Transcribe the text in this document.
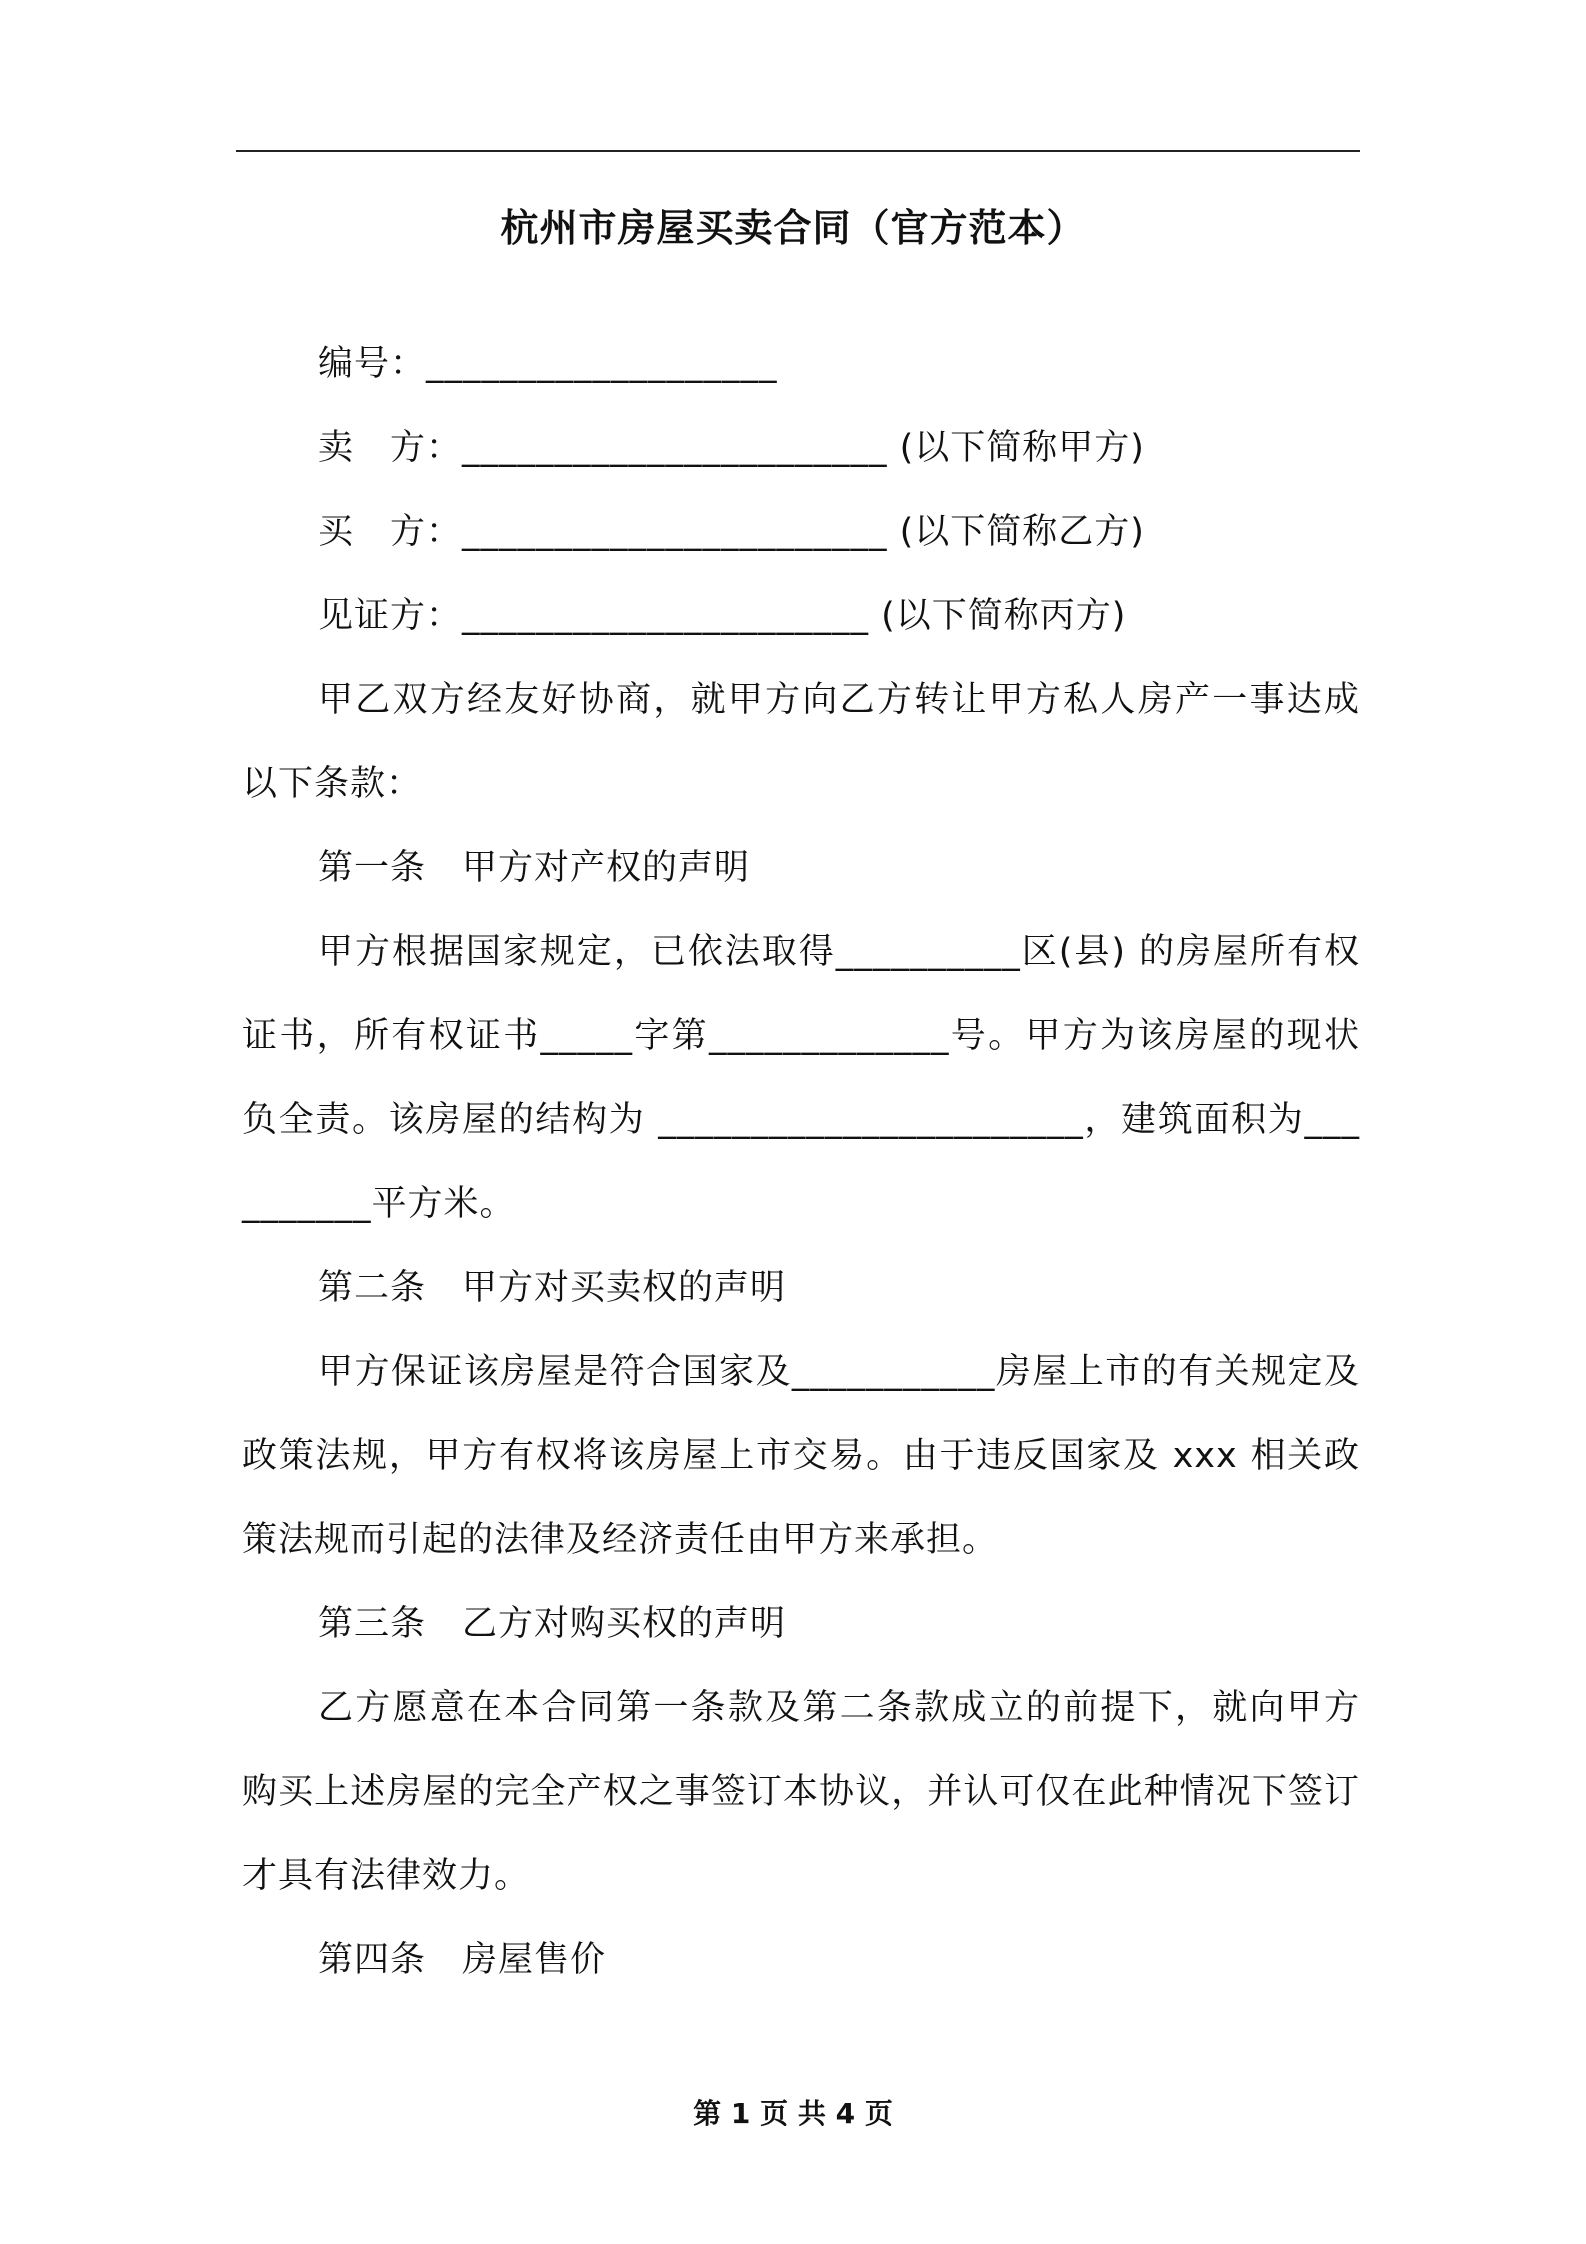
杭州市房屋买卖合同（官方范本）
编号：___________________
卖　方：_______________________ (以下简称甲方)
买　方：_______________________ (以下简称乙方)
见证方：______________________ (以下简称丙方)
甲乙双方经友好协商，就甲方向乙方转让甲方私人房产一事达成以下条款：
第一条　甲方对产权的声明
甲方根据国家规定，已依法取得__________区(县) 的房屋所有权证书，所有权证书_____字第_____________号。甲方为该房屋的现状负全责。该房屋的结构为 _______________________，建筑面积为__________平方米。
第二条　甲方对买卖权的声明
甲方保证该房屋是符合国家及___________房屋上市的有关规定及政策法规，甲方有权将该房屋上市交易。由于违反国家及 xxx 相关政策法规而引起的法律及经济责任由甲方来承担。
第三条　乙方对购买权的声明
乙方愿意在本合同第一条款及第二条款成立的前提下，就向甲方购买上述房屋的完全产权之事签订本协议，并认可仅在此种情况下签订才具有法律效力。
第四条　房屋售价
第 1 页 共 4 页
